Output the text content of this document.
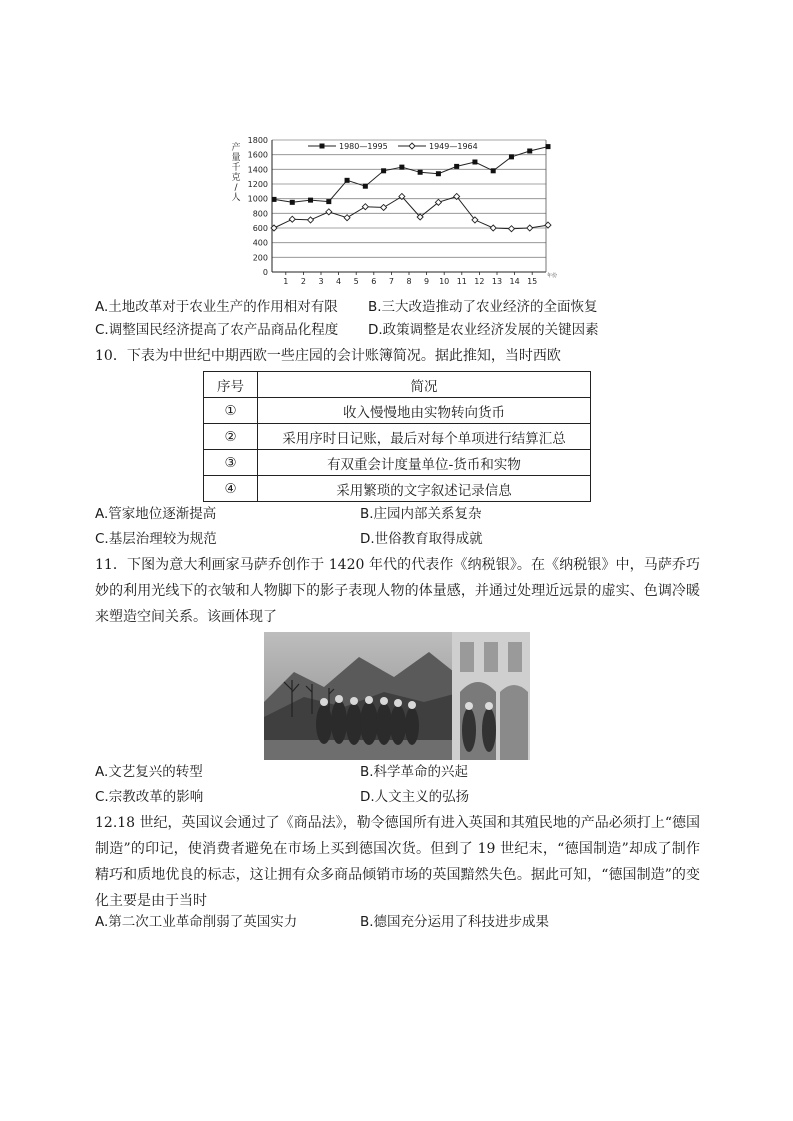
0
200
400
600
800
1000
1200
1400
1600
1800
1 2 3 4 5 6 7 8 9 10 11 12 13 14 15
年份
1980—1995	1949—1964
产
量
千
克
/
人
A.土地改革对于农业生产的作用相对有限 B.三大改造推动了农业经济的全面恢复
C.调整国民经济提高了农产品商品化程度 D.政策调整是农业经济发展的关键因素
10．下表为中世纪中期西欧一些庄园的会计账簿简况。据此推知，当时西欧
序号	简况
①	收入慢慢地由实物转向货币
②	采用序时日记账，最后对每个单项进行结算汇总
③	有双重会计度量单位-货币和实物
④	采用繁琐的文字叙述记录信息
A.管家地位逐渐提高	B.庄园内部关系复杂
C.基层治理较为规范	D.世俗教育取得成就
11．下图为意大利画家马萨乔创作于 1420 年代的代表作《纳税银》。在《纳税银》中，马萨乔巧妙的利用光线下的衣皱和人物脚下的影子表现人物的体量感，并通过处理近远景的虚实、色调冷暖来塑造空间关系。该画体现了
A.文艺复兴的转型	B.科学革命的兴起
C.宗教改革的影响	D.人文主义的弘扬
12.18 世纪，英国议会通过了《商品法》，勒令德国所有进入英国和其殖民地的产品必须打上“德国制造”的印记，使消费者避免在市场上买到德国次货。但到了 19 世纪末，“德国制造”却成了制作精巧和质地优良的标志，这让拥有众多商品倾销市场的英国黯然失色。据此可知，“德国制造”的变化主要是由于当时
A.第二次工业革命削弱了英国实力	B.德国充分运用了科技进步成果
